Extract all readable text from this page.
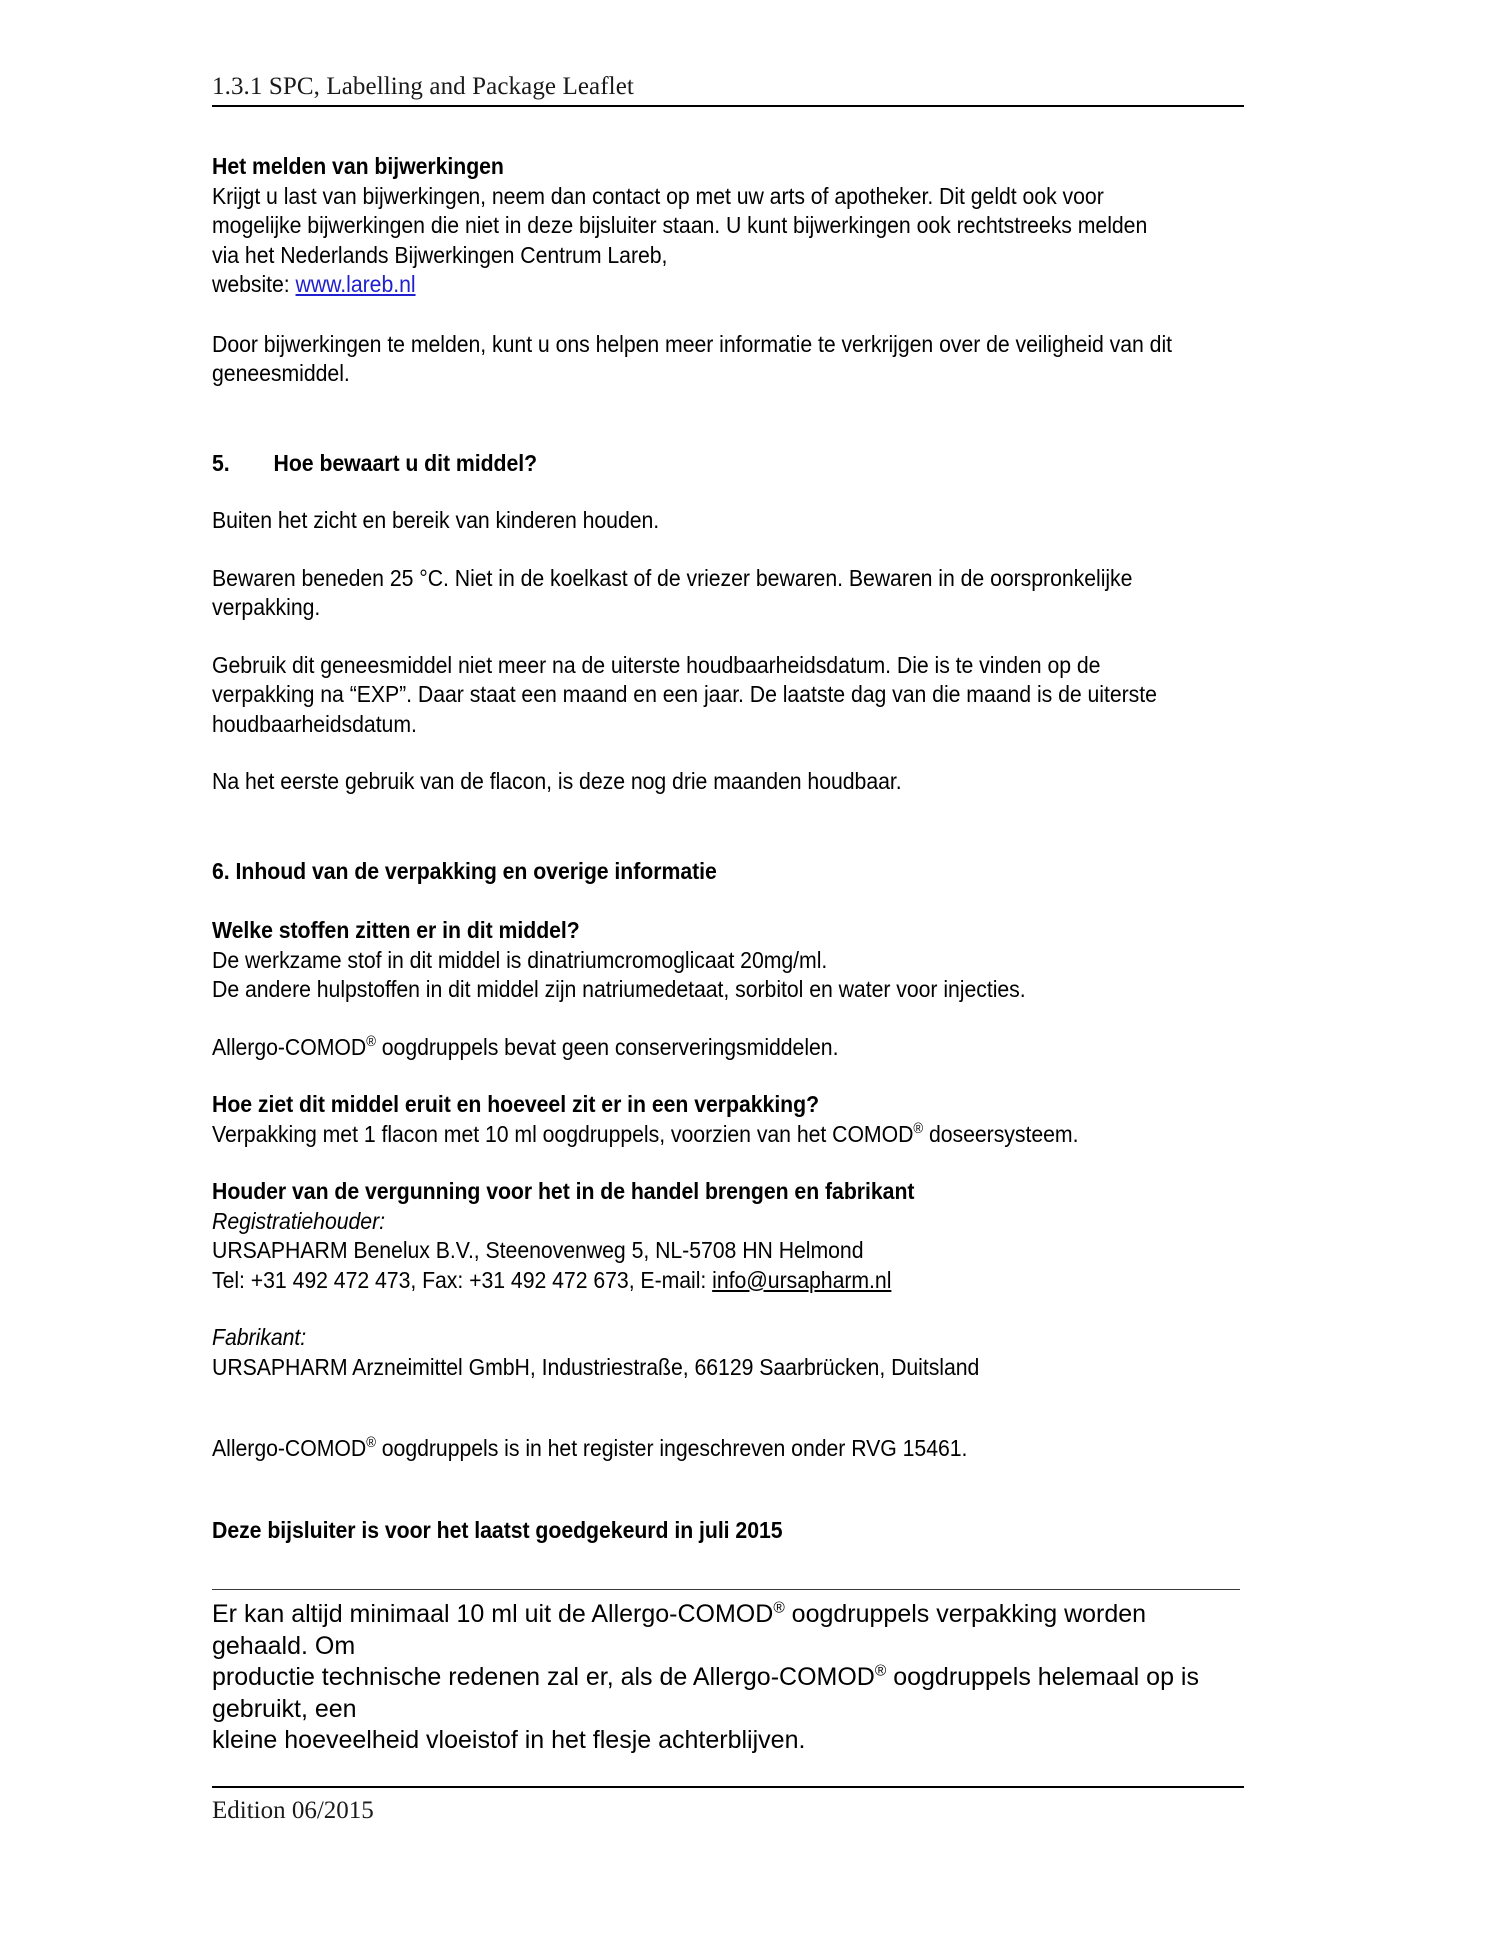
1.3.1 SPC, Labelling and Package Leaflet

Het melden van bijwerkingen

Krijgt u last van bijwerkingen, neem dan contact op met uw arts of apotheker. Dit geldt ook voor

mogelijke bijwerkingen die niet in deze bijsluiter staan. U kunt bijwerkingen ook rechtstreeks melden

via het Nederlands Bijwerkingen Centrum Lareb,

website: www.lareb.nl

Door bijwerkingen te melden, kunt u ons helpen meer informatie te verkrijgen over de veiligheid van dit

geneesmiddel.

5. Hoe bewaart u dit middel?

Buiten het zicht en bereik van kinderen houden.

Bewaren beneden 25 °C. Niet in de koelkast of de vriezer bewaren. Bewaren in de oorspronkelijke

verpakking.

Gebruik dit geneesmiddel niet meer na de uiterste houdbaarheidsdatum. Die is te vinden op de

verpakking na “EXP”. Daar staat een maand en een jaar. De laatste dag van die maand is de uiterste

houdbaarheidsdatum.

Na het eerste gebruik van de flacon, is deze nog drie maanden houdbaar.

6. Inhoud van de verpakking en overige informatie

Welke stoffen zitten er in dit middel?

De werkzame stof in dit middel is dinatriumcromoglicaat 20mg/ml.

De andere hulpstoffen in dit middel zijn natriumedetaat, sorbitol en water voor injecties.

Allergo-COMOD® oogdruppels bevat geen conserveringsmiddelen.

Hoe ziet dit middel eruit en hoeveel zit er in een verpakking?

Verpakking met 1 flacon met 10 ml oogdruppels, voorzien van het COMOD® doseersysteem.

Houder van de vergunning voor het in de handel brengen en fabrikant

Registratiehouder:

URSAPHARM Benelux B.V., Steenovenweg 5, NL-5708 HN Helmond

Tel: +31 492 472 473, Fax: +31 492 472 673, E-mail: info@ursapharm.nl

Fabrikant:

URSAPHARM Arzneimittel GmbH, Industriestraße, 66129 Saarbrücken, Duitsland

Allergo-COMOD® oogdruppels is in het register ingeschreven onder RVG 15461.

Deze bijsluiter is voor het laatst goedgekeurd in juli 2015

Er kan altijd minimaal 10 ml uit de Allergo-COMOD® oogdruppels verpakking worden gehaald. Om

productie technische redenen zal er, als de Allergo-COMOD® oogdruppels helemaal op is gebruikt, een

kleine hoeveelheid vloeistof in het flesje achterblijven.

Edition 06/2015
